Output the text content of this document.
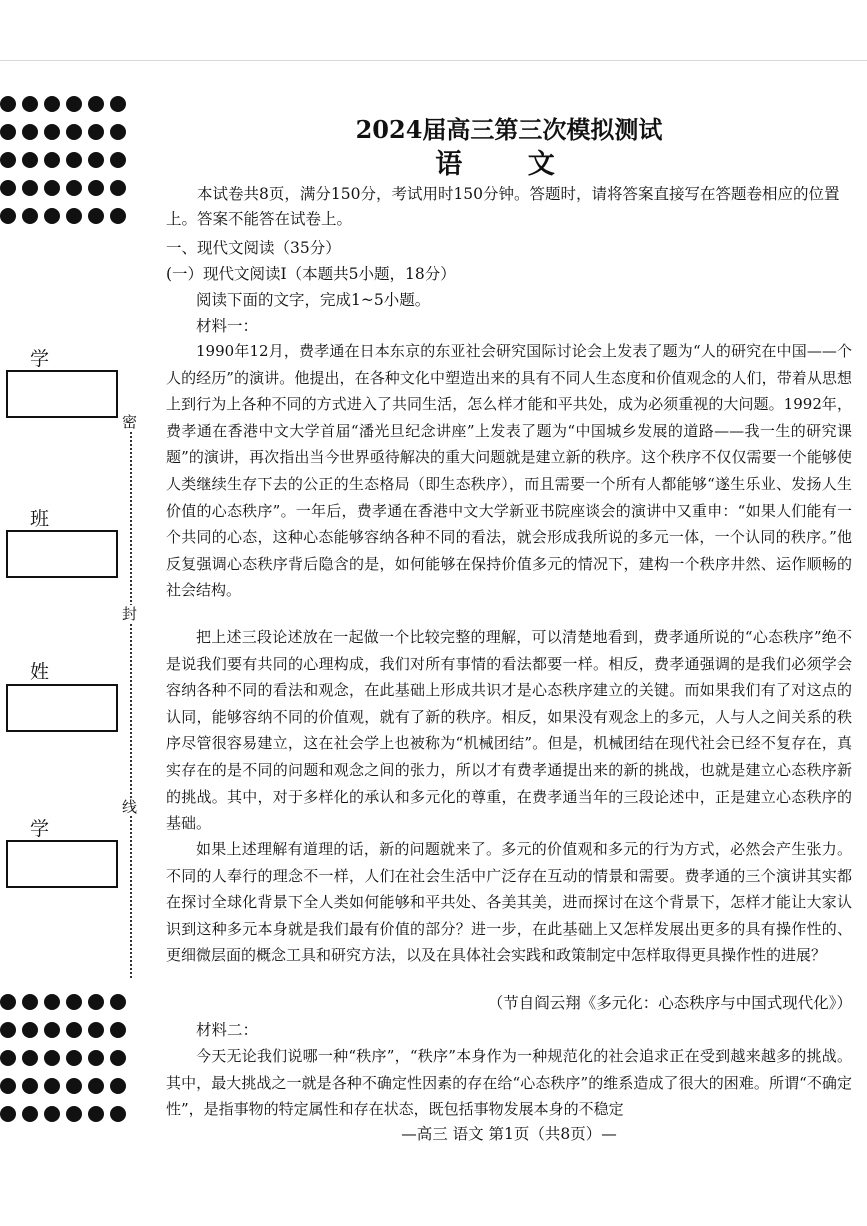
学
班
姓
学
密
封
线
2024届高三第三次模拟测试
语 文
本试卷共8页，满分150分，考试用时150分钟。答题时，请将答案直接写在答题卷相应的位置上。答案不能答在试卷上。
一、现代文阅读（35分）
(一）现代文阅读Ⅰ（本题共5小题，18分）
阅读下面的文字，完成1~5小题。
材料一：
1990年12月，费孝通在日本东京的东亚社会研究国际讨论会上发表了题为“人的研究在中国——个人的经历”的演讲。他提出，在各种文化中塑造出来的具有不同人生态度和价值观念的人们，带着从思想上到行为上各种不同的方式进入了共同生活，怎么样才能和平共处，成为必须重视的大问题。1992年，费孝通在香港中文大学首届“潘光旦纪念讲座”上发表了题为“中国城乡发展的道路——我一生的研究课题”的演讲，再次指出当今世界亟待解决的重大问题就是建立新的秩序。这个秩序不仅仅需要一个能够使人类继续生存下去的公正的生态格局（即生态秩序），而且需要一个所有人都能够“遂生乐业、发扬人生价值的心态秩序”。一年后，费孝通在香港中文大学新亚书院座谈会的演讲中又重申：“如果人们能有一个共同的心态，这种心态能够容纳各种不同的看法，就会形成我所说的多元一体，一个认同的秩序。”他反复强调心态秩序背后隐含的是，如何能够在保持价值多元的情况下，建构一个秩序井然、运作顺畅的社会结构。
把上述三段论述放在一起做一个比较完整的理解，可以清楚地看到，费孝通所说的“心态秩序”绝不是说我们要有共同的心理构成，我们对所有事情的看法都要一样。相反，费孝通强调的是我们必须学会容纳各种不同的看法和观念，在此基础上形成共识才是心态秩序建立的关键。而如果我们有了对这点的认同，能够容纳不同的价值观，就有了新的秩序。相反，如果没有观念上的多元，人与人之间关系的秩序尽管很容易建立，这在社会学上也被称为“机械团结”。但是，机械团结在现代社会已经不复存在，真实存在的是不同的问题和观念之间的张力，所以才有费孝通提出来的新的挑战，也就是建立心态秩序新的挑战。其中，对于多样化的承认和多元化的尊重，在费孝通当年的三段论述中，正是建立心态秩序的基础。
如果上述理解有道理的话，新的问题就来了。多元的价值观和多元的行为方式，必然会产生张力。不同的人奉行的理念不一样，人们在社会生活中广泛存在互动的情景和需要。费孝通的三个演讲其实都在探讨全球化背景下全人类如何能够和平共处、各美其美，进而探讨在这个背景下，怎样才能让大家认识到这种多元本身就是我们最有价值的部分？进一步，在此基础上又怎样发展出更多的具有操作性的、更细微层面的概念工具和研究方法，以及在具体社会实践和政策制定中怎样取得更具操作性的进展？
（节自阎云翔《多元化：心态秩序与中国式现代化》）
材料二：
今天无论我们说哪一种“秩序”，“秩序”本身作为一种规范化的社会追求正在受到越来越多的挑战。其中，最大挑战之一就是各种不确定性因素的存在给“心态秩序”的维系造成了很大的困难。所谓“不确定性”，是指事物的特定属性和存在状态，既包括事物发展本身的不稳定
—高三 语文 第1页（共8页）—
